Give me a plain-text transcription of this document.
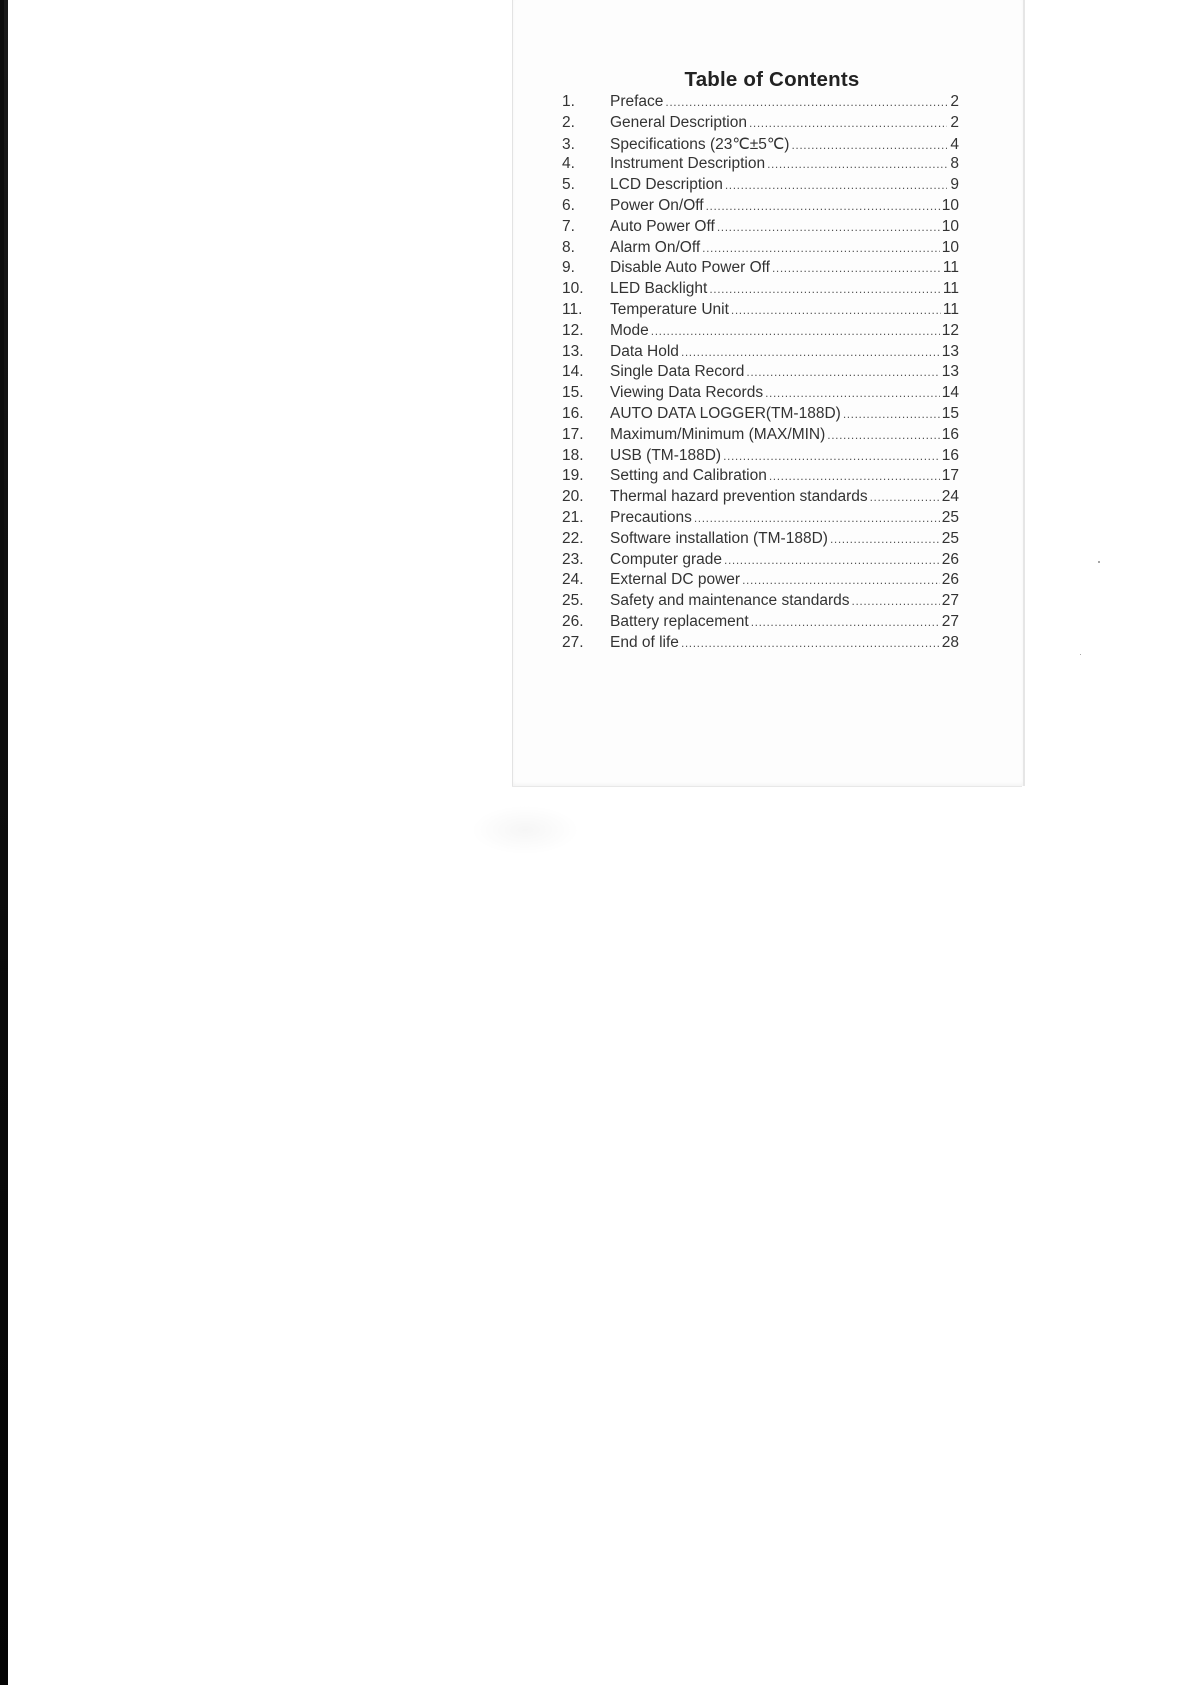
Table of Contents
1.	Preface .....	2
2.	General Description .....	2
3.	Specifications (23℃±5℃) .....	4
4.	Instrument Description .....	8
5.	LCD Description .....	9
6.	Power On/Off .....	10
7.	Auto Power Off .....	10
8.	Alarm On/Off .....	10
9.	Disable Auto Power Off .....	11
10.	LED Backlight .....	11
11.	Temperature Unit .....	11
12.	Mode .....	12
13.	Data Hold .....	13
14.	Single Data Record .....	13
15.	Viewing Data Records .....	14
16.	AUTO DATA LOGGER(TM-188D) .....	15
17.	Maximum/Minimum (MAX/MIN) .....	16
18.	USB (TM-188D) .....	16
19.	Setting and Calibration .....	17
20.	Thermal hazard prevention standards .....	24
21.	Precautions .....	25
22.	Software installation (TM-188D) .....	25
23.	Computer grade .....	26
24.	External DC power .....	26
25.	Safety and maintenance standards .....	27
26.	Battery replacement .....	27
27.	End of life .....	28
